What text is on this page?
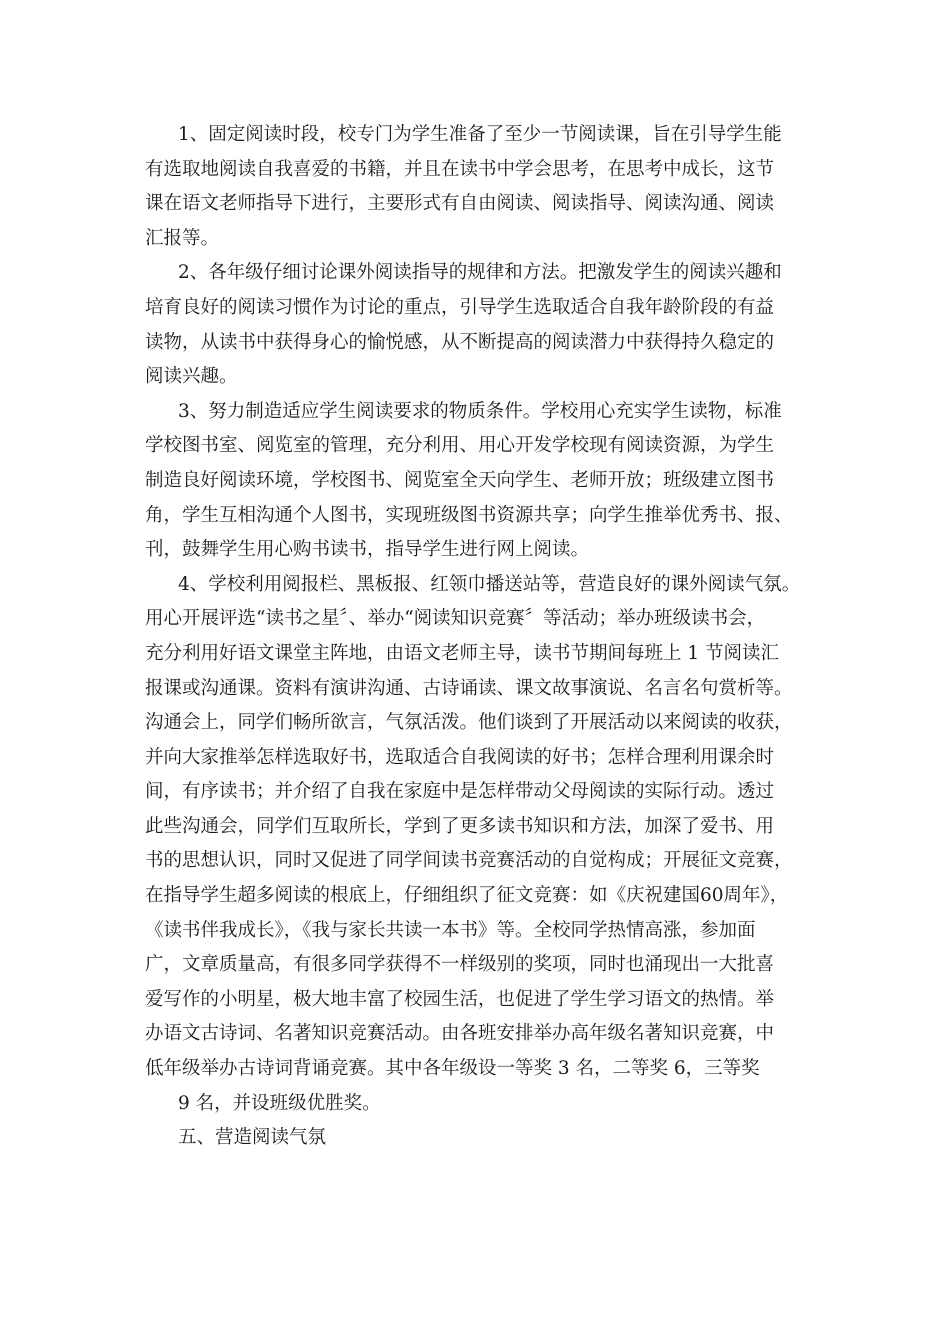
1、固定阅读时段，校专门为学生准备了至少一节阅读课，旨在引导学生能
有选取地阅读自我喜爱的书籍，并且在读书中学会思考，在思考中成长，这节
课在语文老师指导下进行，主要形式有自由阅读、阅读指导、阅读沟通、阅读
汇报等。
2、各年级仔细讨论课外阅读指导的规律和方法。把激发学生的阅读兴趣和
培育良好的阅读习惯作为讨论的重点，引导学生选取适合自我年龄阶段的有益
读物，从读书中获得身心的愉悦感，从不断提高的阅读潜力中获得持久稳定的
阅读兴趣。
3、努力制造适应学生阅读要求的物质条件。学校用心充实学生读物，标准
学校图书室、阅览室的管理，充分利用、用心开发学校现有阅读资源，为学生
制造良好阅读环境，学校图书、阅览室全天向学生、老师开放；班级建立图书
角，学生互相沟通个人图书，实现班级图书资源共享；向学生推举优秀书、报、
刊，鼓舞学生用心购书读书，指导学生进行网上阅读。
4、学校利用阅报栏、黑板报、红领巾播送站等，营造良好的课外阅读气氛。
用心开展评选“读书之星〞、举办“阅读知识竞赛〞等活动；举办班级读书会，
充分利用好语文课堂主阵地，由语文老师主导，读书节期间每班上 1 节阅读汇
报课或沟通课。资料有演讲沟通、古诗诵读、课文故事演说、名言名句赏析等。
沟通会上，同学们畅所欲言，气氛活泼。他们谈到了开展活动以来阅读的收获，
并向大家推举怎样选取好书，选取适合自我阅读的好书；怎样合理利用课余时
间，有序读书；并介绍了自我在家庭中是怎样带动父母阅读的实际行动。透过
此些沟通会，同学们互取所长，学到了更多读书知识和方法，加深了爱书、用
书的思想认识，同时又促进了同学间读书竞赛活动的自觉构成；开展征文竞赛，
在指导学生超多阅读的根底上，仔细组织了征文竞赛：如《庆祝建国60周年》，
《读书伴我成长》，《我与家长共读一本书》等。全校同学热情高涨，参加面
广，文章质量高，有很多同学获得不一样级别的奖项，同时也涌现出一大批喜
爱写作的小明星，极大地丰富了校园生活，也促进了学生学习语文的热情。举
办语文古诗词、名著知识竞赛活动。由各班安排举办高年级名著知识竞赛，中
低年级举办古诗词背诵竞赛。其中各年级设一等奖 3 名，二等奖 6，三等奖
9 名，并设班级优胜奖。
五、营造阅读气氛
